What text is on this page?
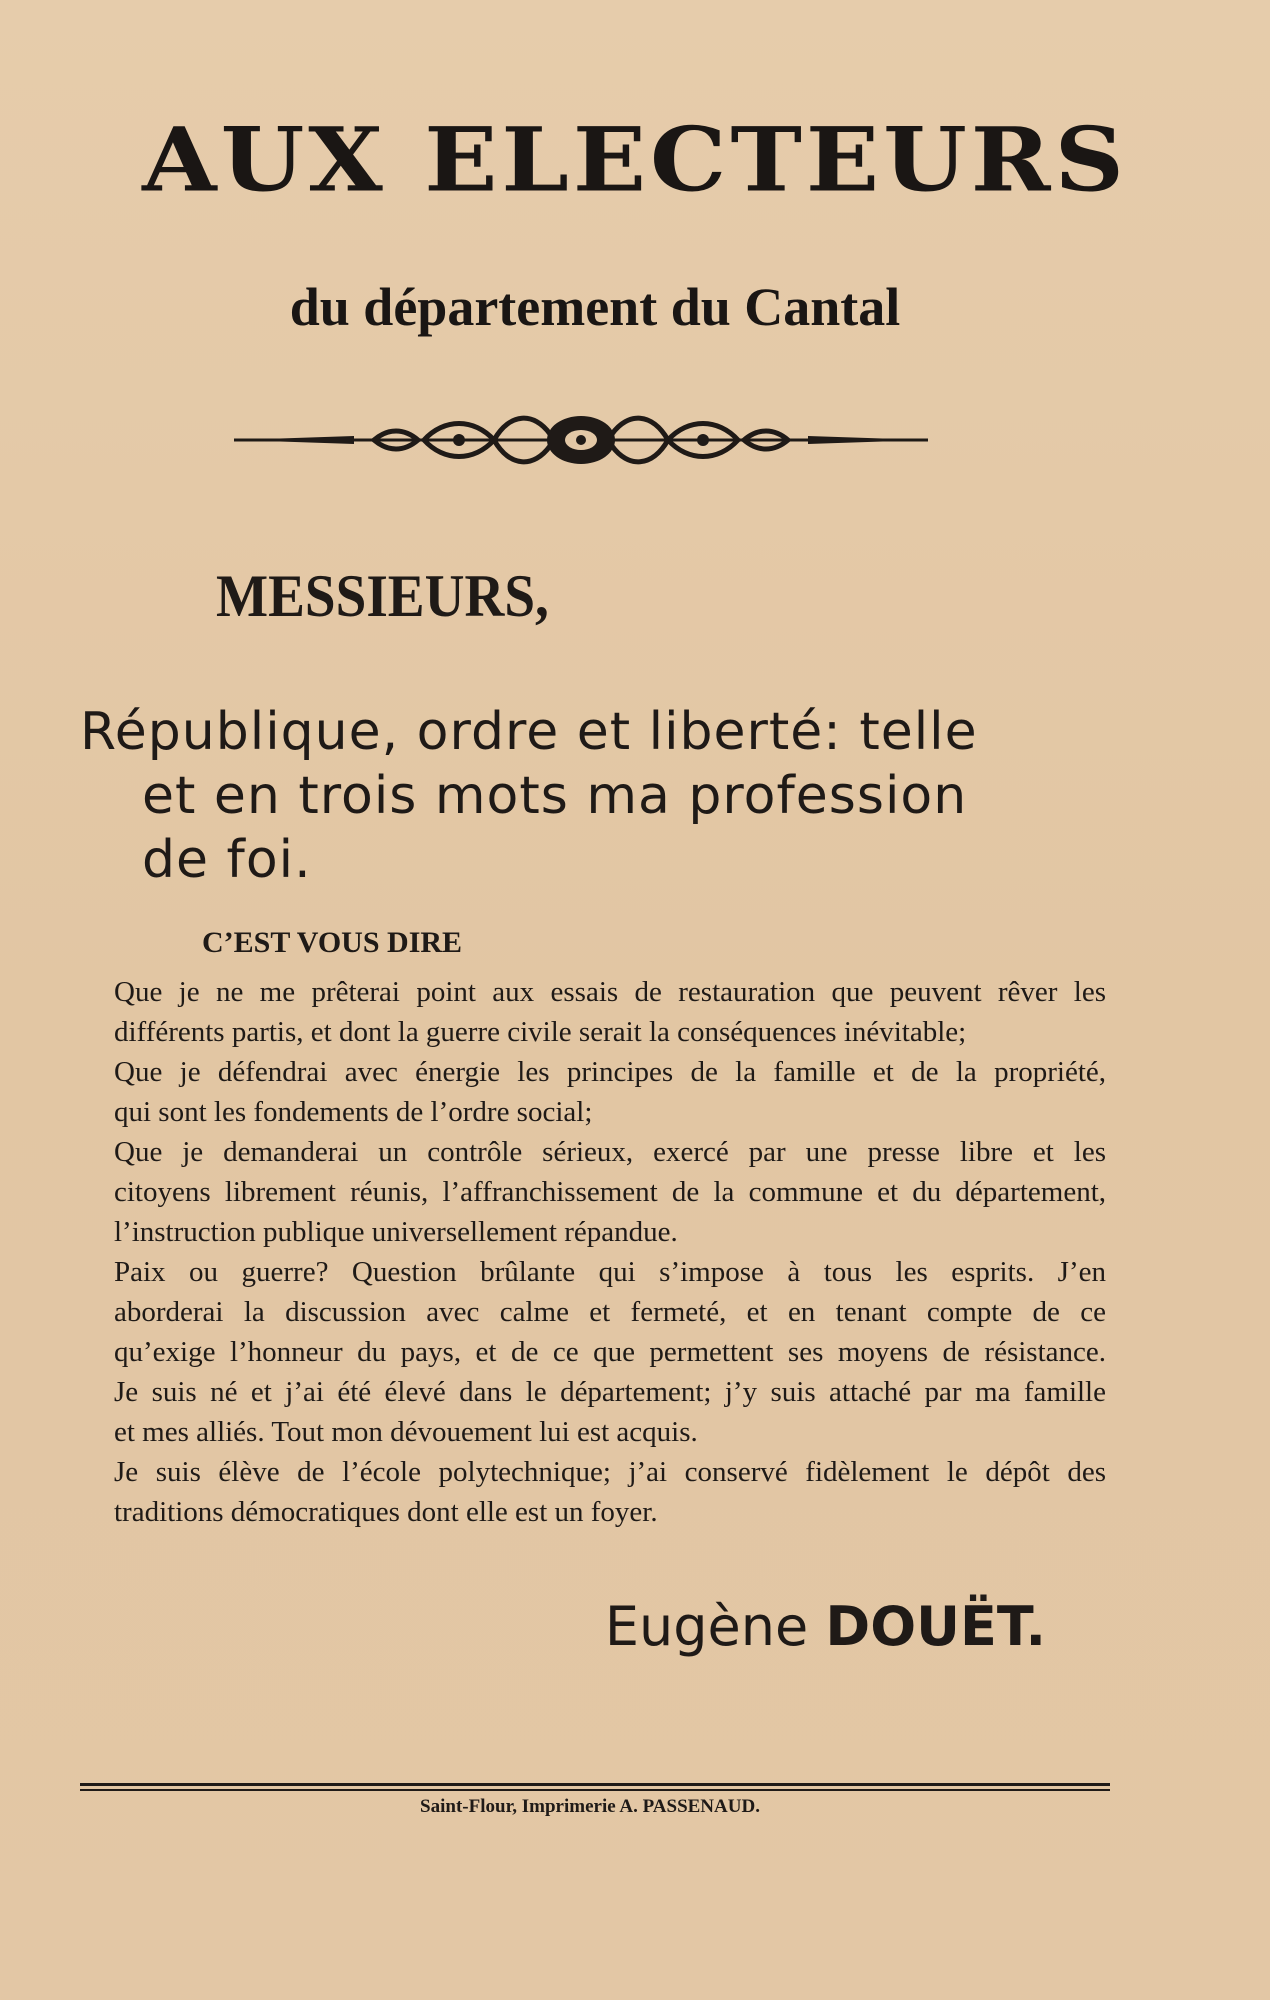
AUX ELECTEURS
du département du Cantal
MESSIEURS,
République, ordre et liberté: telle
et en trois mots ma profession
de foi.

C’EST VOUS DIRE

Que je ne me prêterai point aux essais de restauration que peuvent rêver les
différents partis, et dont la guerre civile serait la conséquences inévitable;

Que je défendrai avec énergie les principes de la famille et de la propriété,
qui sont les fondements de l’ordre social;

Que je demanderai un contrôle sérieux, exercé par une presse libre et les
citoyens librement réunis, l’affranchissement de la commune et du département,
l’instruction publique universellement répandue.

Paix ou guerre? Question brûlante qui s’impose à tous les esprits. J’en
aborderai la discussion avec calme et fermeté, et en tenant compte de ce
qu’exige l’honneur du pays, et de ce que permettent ses moyens de résistance.

Je suis né et j’ai été élevé dans le département; j’y suis attaché par ma famille
et mes alliés. Tout mon dévouement lui est acquis.

Je suis élève de l’école polytechnique; j’ai conservé fidèlement le dépôt des
traditions démocratiques dont elle est un foyer.

Eugène DOUËT.

Saint-Flour, Imprimerie A. PASSENAUD.
